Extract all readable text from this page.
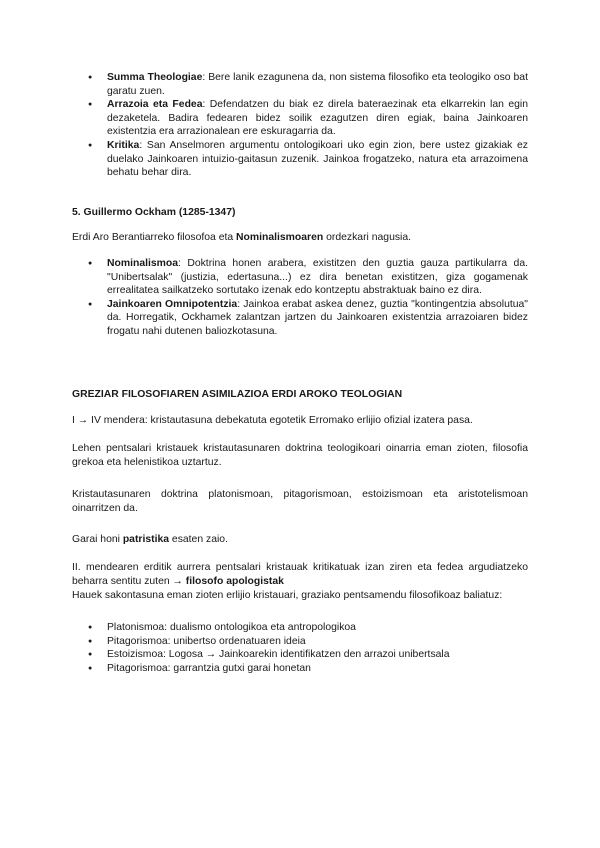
● Summa Theologiae: Bere lanik ezagunena da, non sistema filosofiko eta teologiko oso bat garatu zuen.
● Arrazoia eta Fedea: Defendatzen du biak ez direla bateraezinak eta elkarrekin lan egin dezaketela. Badira fedearen bidez soilik ezagutzen diren egiak, baina Jainkoaren existentzia era arrazionalean ere eskuragarria da.
● Kritika: San Anselmoren argumentu ontologikoari uko egin zion, bere ustez gizakiak ez duelako Jainkoaren intuizio-gaitasun zuzenik. Jainkoa frogatzeko, natura eta arrazoimena behatu behar dira.

5. Guillermo Ockham (1285-1347)

Erdi Aro Berantiarreko filosofoa eta Nominalismoaren ordezkari nagusia.

● Nominalismoa: Doktrina honen arabera, existitzen den guztia gauza partikularra da. "Unibertsalak" (justizia, edertasuna...) ez dira benetan existitzen, giza gogamenak errealitatea sailkatzeko sortutako izenak edo kontzeptu abstraktuak baino ez dira.
● Jainkoaren Omnipotentzia: Jainkoa erabat askea denez, guztia "kontingentzia absolutua" da. Horregatik, Ockhamek zalantzan jartzen du Jainkoaren existentzia arrazoiaren bidez frogatu nahi dutenen baliozkotasuna.

GREZIAR FILOSOFIAREN ASIMILAZIOA ERDI AROKO TEOLOGIAN

I → IV mendera: kristautasuna debekatuta egotetik Erromako erlijio ofizial izatera pasa.

Lehen pentsalari kristauek kristautasunaren doktrina teologikoari oinarria eman zioten, filosofia grekoa eta helenistikoa uztartuz.

Kristautasunaren doktrina platonismoan, pitagorismoan, estoizismoan eta aristotelismoan oinarritzen da.

Garai honi patristika esaten zaio.

II. mendearen erditik aurrera pentsalari kristauak kritikatuak izan ziren eta fedea argudiatzeko beharra sentitu zuten → filosofo apologistak

Hauek sakontasuna eman zioten erlijio kristauari, graziako pentsamendu filosofikoaz baliatuz:

● Platonismoa: dualismo ontologikoa eta antropologikoa
● Pitagorismoa: unibertso ordenatuaren ideia
● Estoizismoa: Logosa → Jainkoarekin identifikatzen den arrazoi unibertsala
● Pitagorismoa: garrantzia gutxi garai honetan
